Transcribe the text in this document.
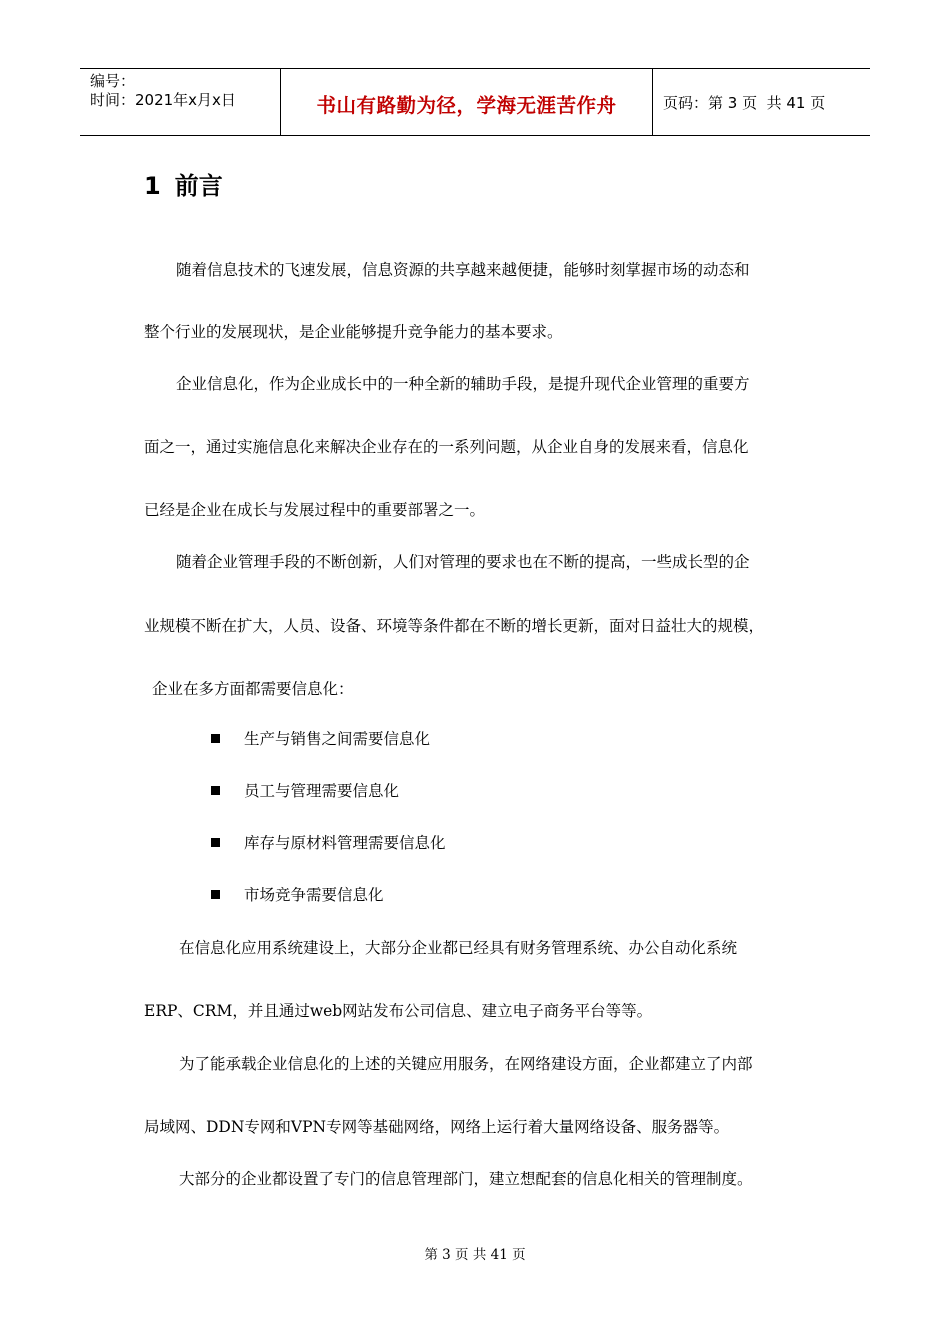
编号：
时间：2021年x月x日	书山有路勤为径，学海无涯苦作舟	页码：第 3 页  共 41 页
1 前言
随着信息技术的飞速发展，信息资源的共享越来越便捷，能够时刻掌握市场的动态和
整个行业的发展现状，是企业能够提升竞争能力的基本要求。
企业信息化，作为企业成长中的一种全新的辅助手段，是提升现代企业管理的重要方
面之一，通过实施信息化来解决企业存在的一系列问题，从企业自身的发展来看，信息化
已经是企业在成长与发展过程中的重要部署之一。
随着企业管理手段的不断创新，人们对管理的要求也在不断的提高，一些成长型的企
业规模不断在扩大，人员、设备、环境等条件都在不断的增长更新，面对日益壮大的规模，
企业在多方面都需要信息化：
生产与销售之间需要信息化
员工与管理需要信息化
库存与原材料管理需要信息化
市场竞争需要信息化
在信息化应用系统建设上，大部分企业都已经具有财务管理系统、办公自动化系统
ERP、CRM，并且通过web网站发布公司信息、建立电子商务平台等等。
为了能承载企业信息化的上述的关键应用服务，在网络建设方面，企业都建立了内部
局域网、DDN专网和VPN专网等基础网络，网络上运行着大量网络设备、服务器等。
大部分的企业都设置了专门的信息管理部门，建立想配套的信息化相关的管理制度。
第 3 页 共 41 页
